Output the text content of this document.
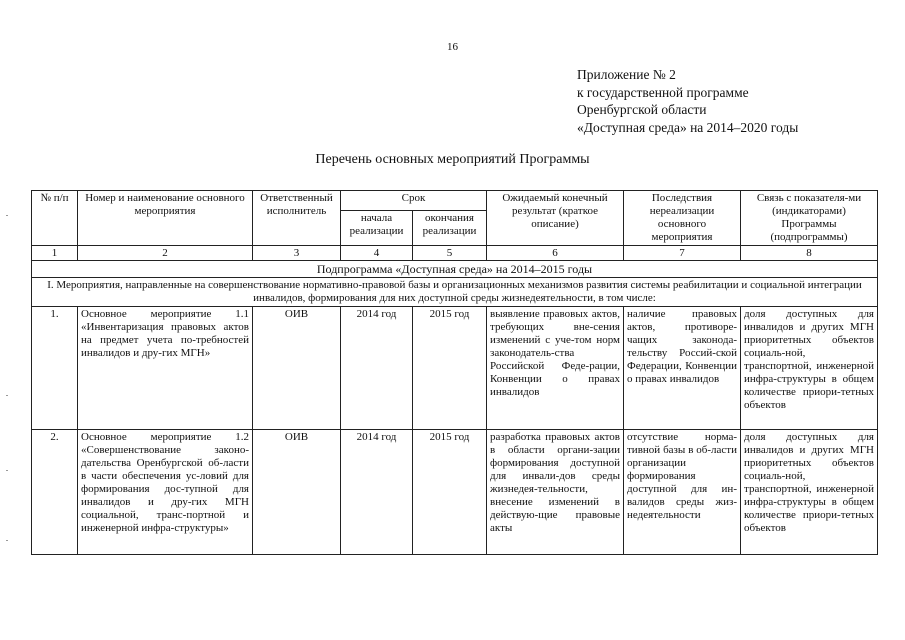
16
Приложение № 2
к государственной программе
Оренбургской области
«Доступная среда» на 2014–2020 годы
Перечень основных мероприятий Программы
№ п/п	Номер и наименование основного мероприятия	Ответственный исполнитель	Срок		Ожидаемый конечный результат (краткое описание)	Последствия нереализации основного мероприятия	Связь с показателя-ми (индикаторами) Программы (подпрограммы)
			начала реализации	окончания реализации			
1	2	3	4	5	6	7	8
Подпрограмма «Доступная среда» на 2014–2015 годы							
I. Мероприятия, направленные на совершенствование нормативно-правовой базы и организационных механизмов развития системы реабилитации и социальной интеграции инвалидов, формирования для них доступной среды жизнедеятельности, в том числе:							
1.	Основное мероприятие 1.1 «Инвентаризация правовых актов на предмет учета по-требностей инвалидов и дру-гих МГН»	ОИВ	2014 год	2015 год	выявление правовых актов, требующих вне-сения изменений с уче-том норм законодатель-ства Российской Феде-рации, Конвенции о правах инвалидов	наличие правовых актов, противоре-чащих законода-тельству Россий-ской Федерации, Конвенции о правах инвалидов	доля доступных для инвалидов и других МГН приоритетных объектов социаль-ной, транспортной, инженерной инфра-структуры в общем количестве приори-тетных объектов
2.	Основное мероприятие 1.2 «Совершенствование законо-дательства Оренбургской об-ласти в части обеспечения ус-ловий для формирования дос-тупной для инвалидов и дру-гих МГН социальной, транс-портной и инженерной инфра-структуры»	ОИВ	2014 год	2015 год	разработка правовых актов в области органи-зации формирования доступной для инвали-дов среды жизнедея-тельности, внесение изменений в действую-щие правовые акты	отсутствие норма-тивной базы в об-ласти организации формирования доступной для ин-валидов среды жиз-недеятельности	доля доступных для инвалидов и других МГН приоритетных объектов социаль-ной, транспортной, инженерной инфра-структуры в общем количестве приори-тетных объектов
